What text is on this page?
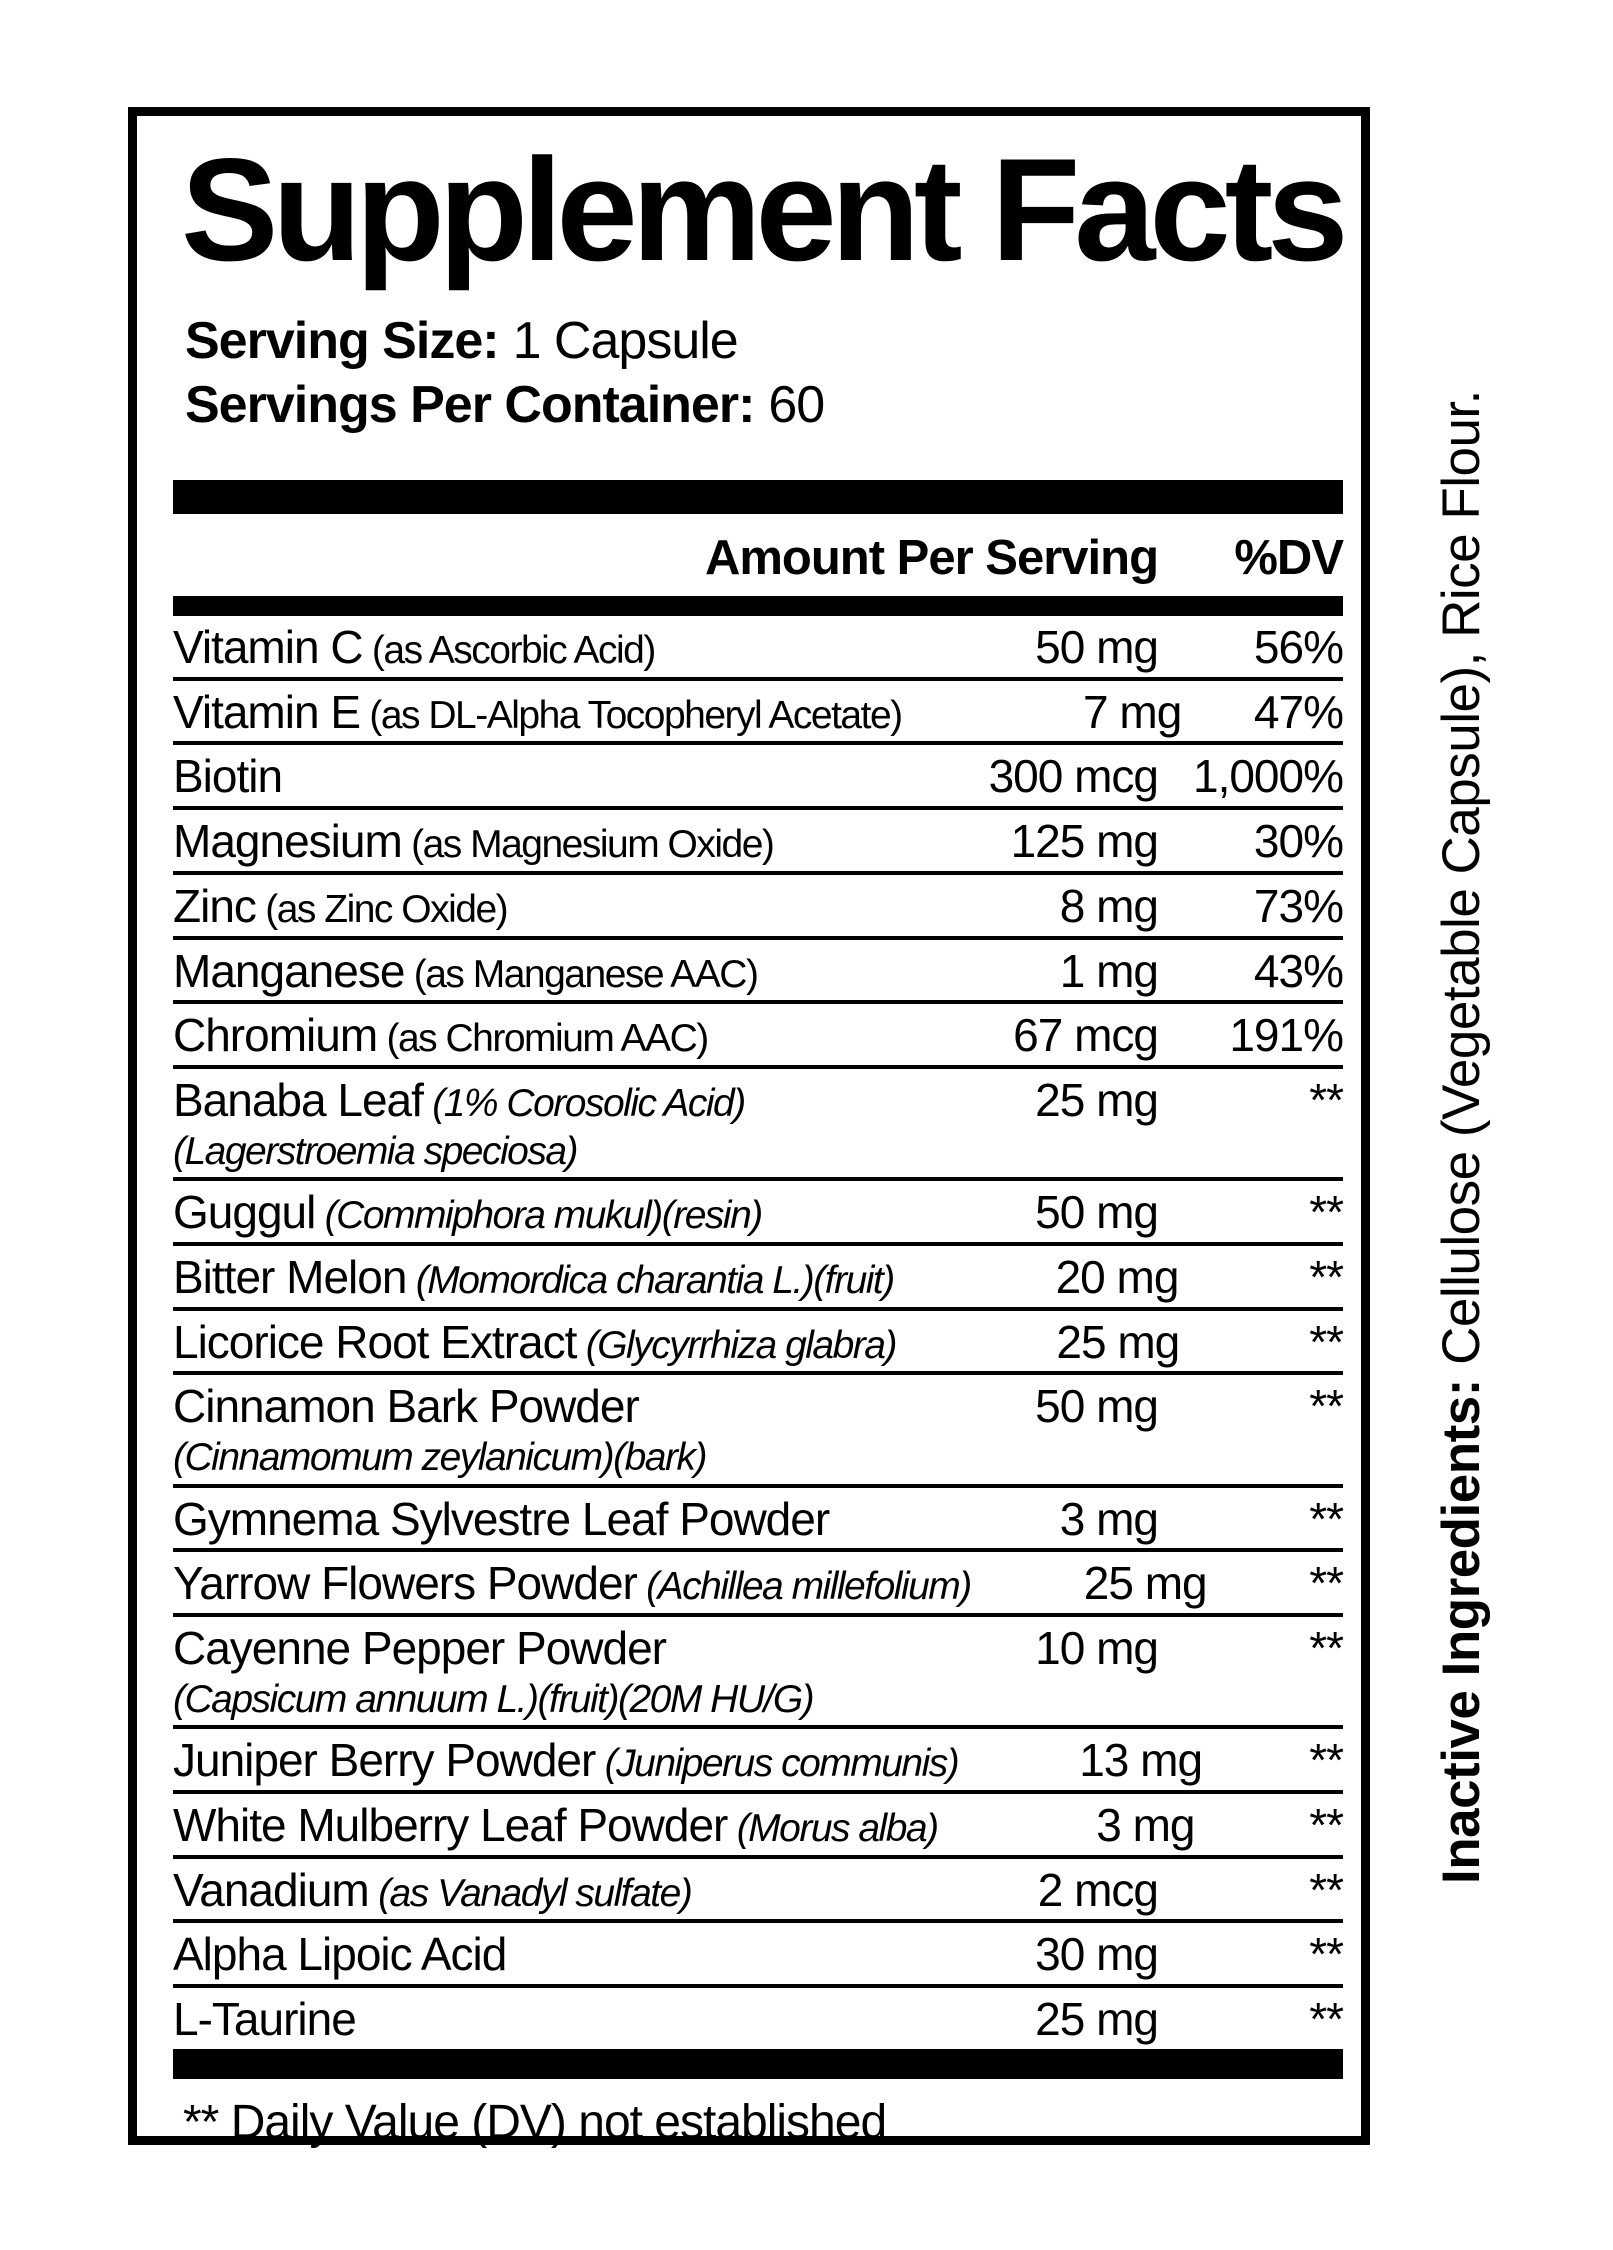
Supplement Facts
Serving Size: 1 Capsule
Servings Per Container: 60
Amount Per Serving	%DV
Vitamin C (as Ascorbic Acid)	50 mg	56%
Vitamin E (as DL-Alpha Tocopheryl Acetate)	7 mg	47%
Biotin	300 mcg 1,000%
Magnesium (as Magnesium Oxide)	125 mg	30%
Zinc (as Zinc Oxide)	8 mg	73%
Manganese (as Manganese AAC)	1 mg	43%
Chromium (as Chromium AAC)	67 mcg	191%
Banaba Leaf (1% Corosolic Acid)
(Lagerstroemia speciosa)
25 mg	**
Guggul (Commiphora mukul)(resin)	50 mg	**
Bitter Melon (Momordica charantia L.)(fruit)	20 mg	**
Licorice Root Extract (Glycyrrhiza glabra)	25 mg	**
Cinnamon Bark Powder
(Cinnamomum zeylanicum)(bark)
50 mg	**
Gymnema Sylvestre Leaf Powder	3 mg	**
Yarrow Flowers Powder (Achillea millefolium)	25 mg	**
Cayenne Pepper Powder
(Capsicum annuum L.)(fruit)(20M HU/G)
10 mg	**
Juniper Berry Powder (Juniperus communis)	13 mg	**
White Mulberry Leaf Powder (Morus alba)	3 mg	**
Vanadium (as Vanadyl sulfate)	2 mcg	**
Alpha Lipoic Acid	30 mg	**
L-Taurine	25 mg	**
** Daily Value (DV) not established
Inactive Ingredients: Cellulose (Vegetable Capsule), Rice Flour.
